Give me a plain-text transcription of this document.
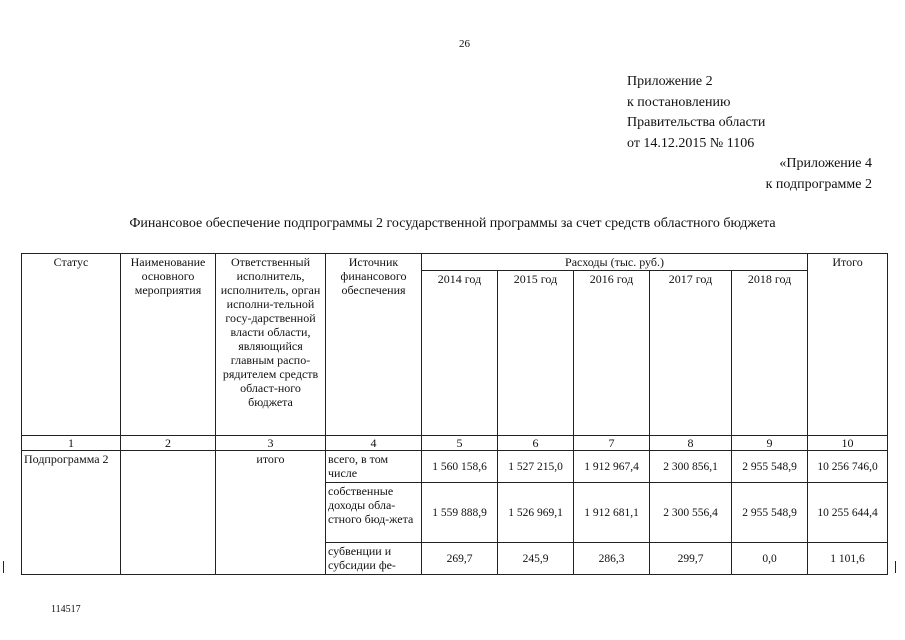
26
Приложение 2
к постановлению
Правительства области
от 14.12.2015 № 1106
«Приложение 4
к подпрограмме 2
Финансовое обеспечение подпрограммы 2 государственной программы за счет средств областного бюджета
Статус	Наименование основного мероприятия	Ответственный исполнитель, исполнитель, орган исполни-тельной госу-дарственной власти области, являющийся главным распо-рядителем средств област-ного бюджета	Источник финансового обеспечения	Расходы (тыс. руб.)					Итого
				2014 год	2015 год	2016 год	2017 год	2018 год	
1	2	3	4	5	6	7	8	9	10
Подпрограмма 2		итого	всего, в том числе	1 560 158,6	1 527 215,0	1 912 967,4	2 300 856,1	2 955 548,9	10 256 746,0
			собственные доходы обла-стного бюд-жета	1 559 888,9	1 526 969,1	1 912 681,1	2 300 556,4	2 955 548,9	10 255 644,4
			субвенции и субсидии фе-	269,7	245,9	286,3	299,7	0,0	1 101,6
114517
